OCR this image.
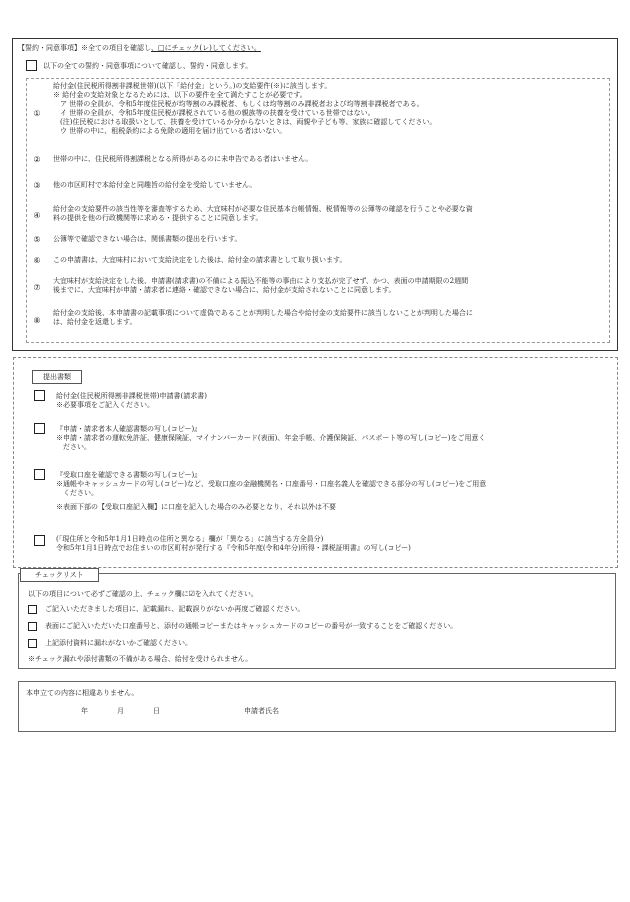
【誓約・同意事項】※全ての項目を確認し、□にチェック(レ)してください。
以下の全ての誓約・同意事項について確認し、誓約・同意します。
①
給付金(住民税所得割非課税世帯)(以下「給付金」という。)の支給要件(※)に該当します。
※ 給付金の支給対象となるためには、以下の要件を全て満たすことが必要です。
　ア 世帯の全員が、令和5年度住民税が均等割のみ課税者、もしくは均等割のみ課税者および均等割非課税者である。
　イ 世帯の全員が、令和5年度住民税が課税されている他の親族等の扶養を受けている世帯ではない。
　(注)住民税における取扱いとして、扶養を受けているか分からないときは、両親や子ども等、家族に確認してください。
　ウ 世帯の中に、租税条約による免除の適用を届け出ている者はいない。
②	世帯の中に、住民税所得割課税となる所得があるのに未申告である者はいません。
③	他の市区町村で本給付金と同趣旨の給付金を受給していません。
④
給付金の支給要件の該当性等を審査等するため、大宜味村が必要な住民基本台帳情報、税情報等の公簿等の確認を行うことや必要な資
料の提供を他の行政機関等に求める・提供することに同意します。
⑤	公簿等で確認できない場合は、関係書類の提出を行います。
⑥	この申請書は、大宜味村において支給決定をした後は、給付金の請求書として取り扱います。
⑦
大宜味村が支給決定をした後、申請書(請求書)の不備による振込不能等の事由により支払が完了せず、かつ、表面の申請期限の2週間
後までに、大宜味村が申請・請求者に連絡・確認できない場合に、給付金が支給されないことに同意します。
⑧
給付金の支給後、本申請書の記載事項について虚偽であることが判明した場合や給付金の支給要件に該当しないことが判明した場合に
は、給付金を返還します。
提出書類
給付金(住民税所得割非課税世帯)申請書(請求書)
※必要事項をご記入ください。
『申請・請求者本人確認書類の写し(コピー)』
※申請・請求者の運転免許証、健康保険証、マイナンバーカード(表面)、年金手帳、介護保険証、パスポート等の写し(コピー)をご用意く
　ださい。
『受取口座を確認できる書類の写し(コピー)』
※通帳やキャッシュカードの写し(コピー)など、受取口座の金融機関名・口座番号・口座名義人を確認できる部分の写し(コピー)をご用意
　ください。
※表面下部の【受取口座記入欄】に口座を記入した場合のみ必要となり、それ以外は不要
(「現住所と令和5年1月1日時点の住所と異なる」欄が「異なる」に該当する方全員分)
令和5年1月1日時点でお住まいの市区町村が発行する『令和5年度(令和4年分)所得・課税証明書』の写し(コピー)
チェックリスト
以下の項目について必ずご確認の上、チェック欄に☑を入れてください。
ご記入いただきました項目に、記載漏れ、記載誤りがないか再度ご確認ください。
表面にご記入いただいた口座番号と、添付の通帳コピーまたはキャッシュカードのコピーの番号が一致することをご確認ください。
上記添付資料に漏れがないかご確認ください。
※チェック漏れや添付書類の不備がある場合、給付を受けられません。
本申立ての内容に相違ありません。
年	月	日	申請者氏名
